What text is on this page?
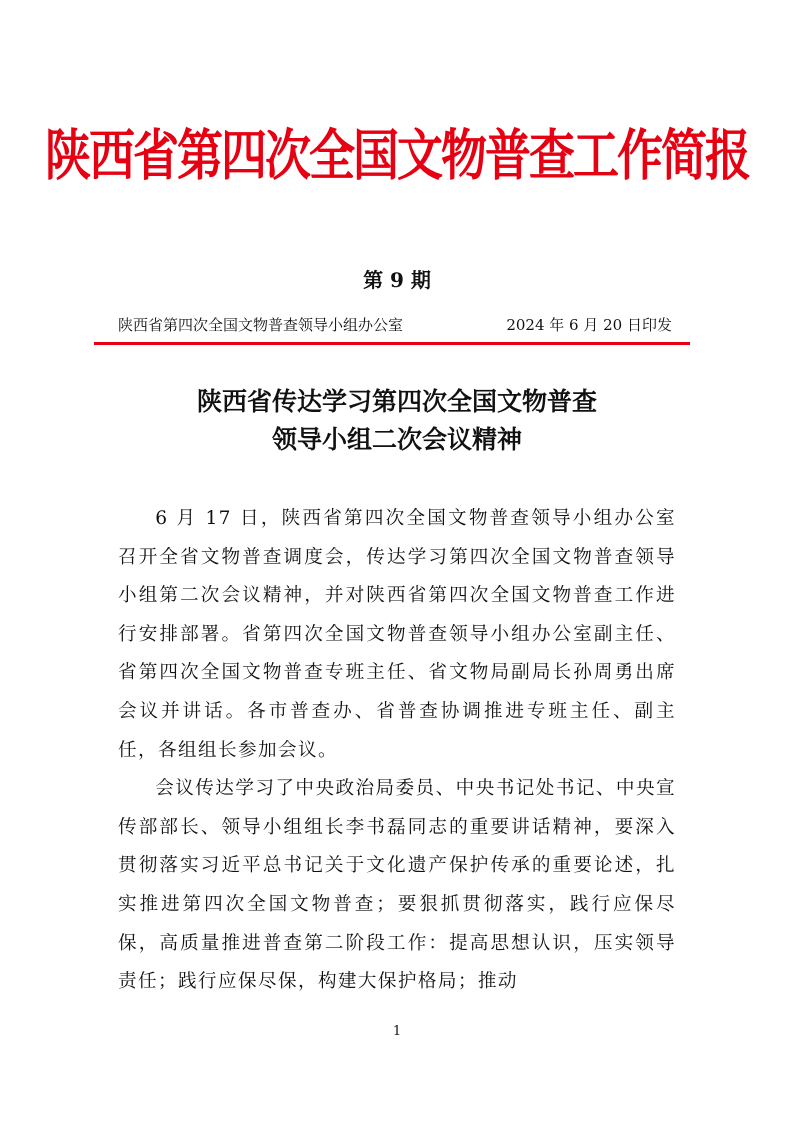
陕西省第四次全国文物普查工作简报
第 9 期
陕西省第四次全国文物普查领导小组办公室	2024 年 6 月 20 日印发
陕西省传达学习第四次全国文物普查
领导小组二次会议精神

6 月 17 日，陕西省第四次全国文物普查领导小组办公室召开全省文物普查调度会，传达学习第四次全国文物普查领导小组第二次会议精神，并对陕西省第四次全国文物普查工作进行安排部署。省第四次全国文物普查领导小组办公室副主任、省第四次全国文物普查专班主任、省文物局副局长孙周勇出席会议并讲话。各市普查办、省普查协调推进专班主任、副主任，各组组长参加会议。

会议传达学习了中央政治局委员、中央书记处书记、中央宣传部部长、领导小组组长李书磊同志的重要讲话精神，要深入贯彻落实习近平总书记关于文化遗产保护传承的重要论述，扎实推进第四次全国文物普查；要狠抓贯彻落实，践行应保尽保，高质量推进普查第二阶段工作：提高思想认识，压实领导责任；践行应保尽保，构建大保护格局；推动

1
